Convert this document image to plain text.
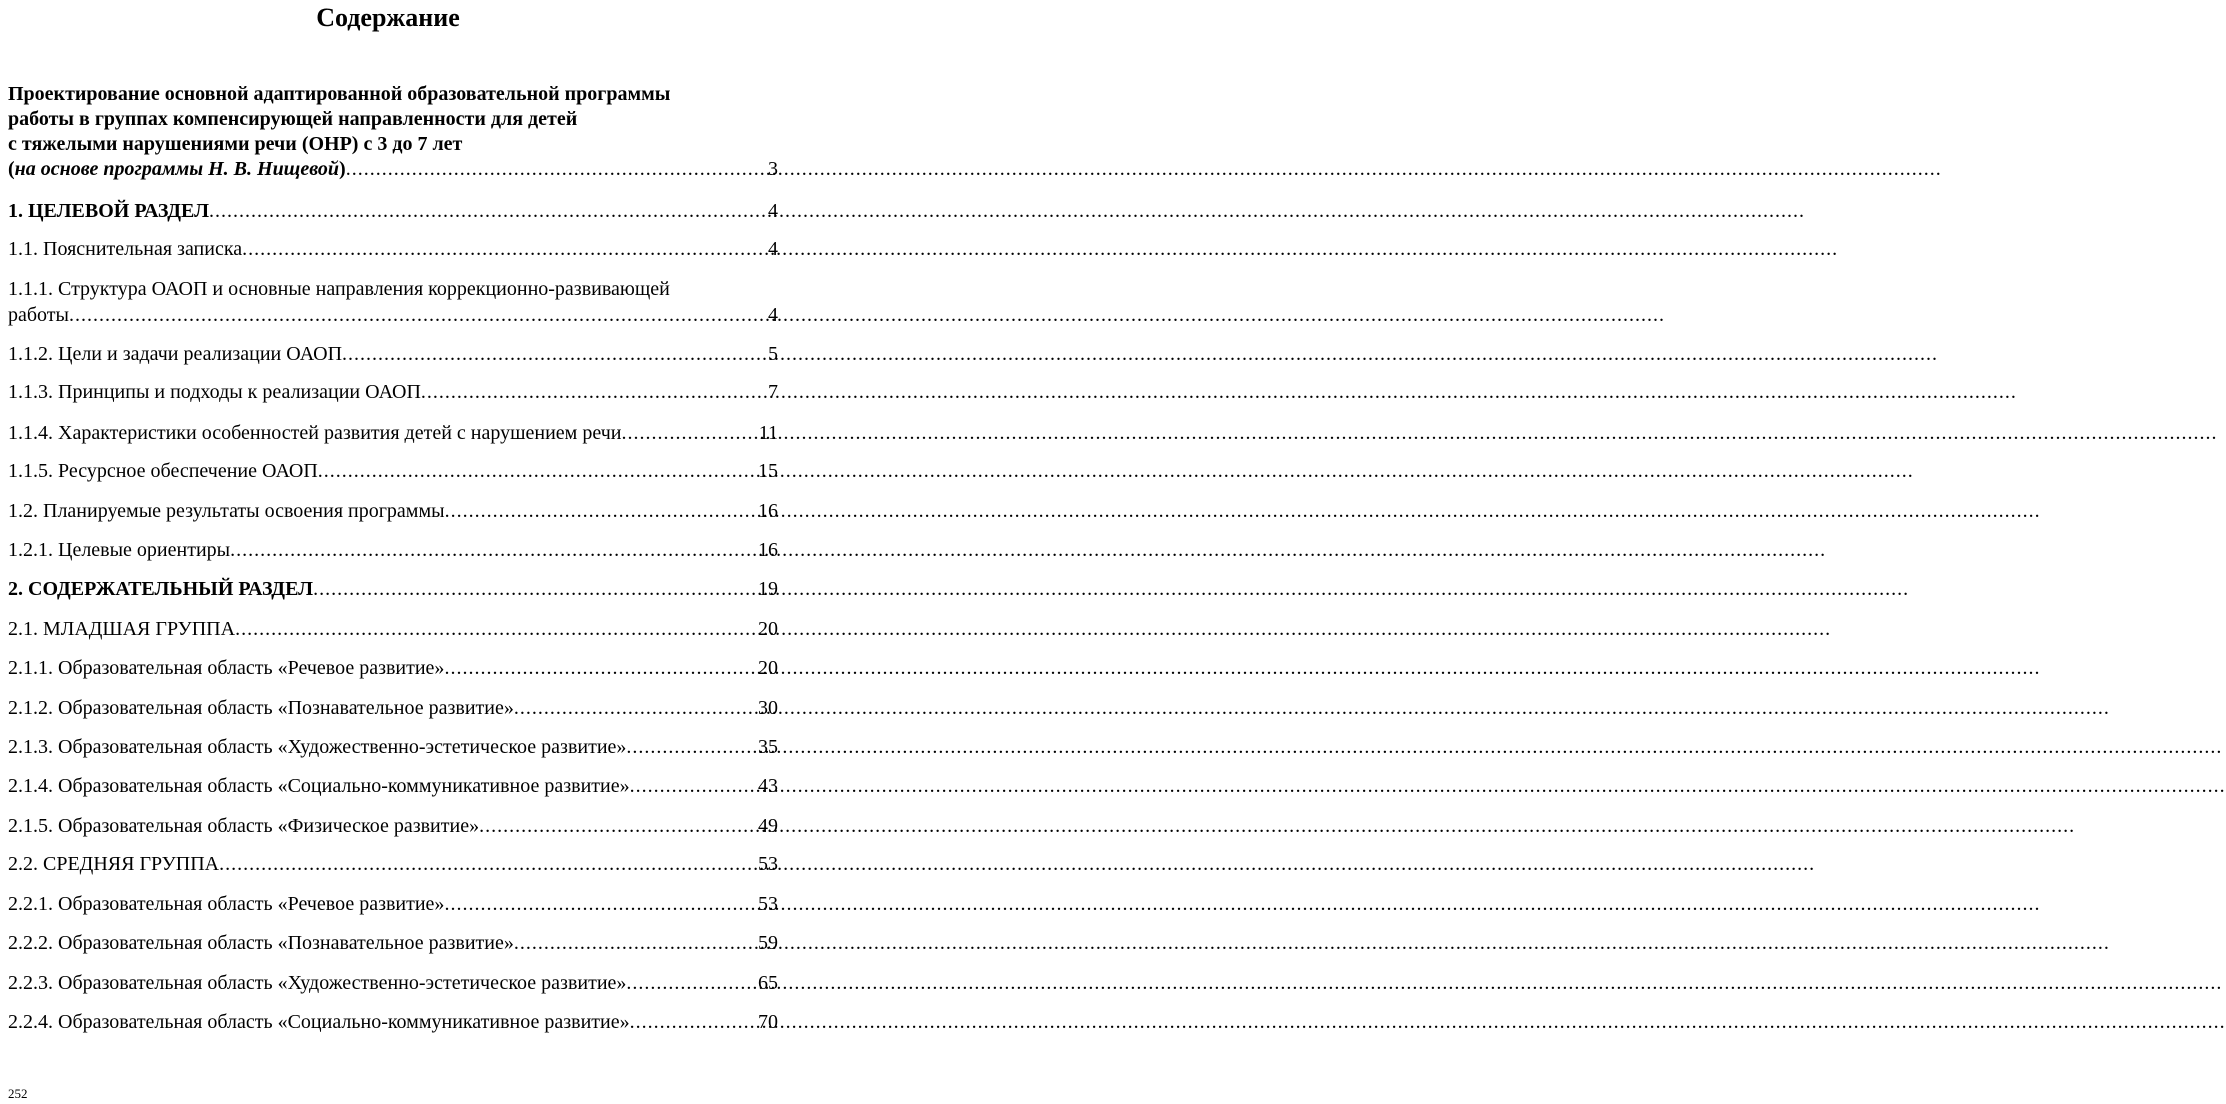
Содержание
Проектирование основной адаптированной образовательной программы
работы в группах компенсирующей направленности для детей
с тяжелыми нарушениями речи (ОНР) с 3 до 7 лет
(на основе программы Н. В. Нищевой) .....	3
1. ЦЕЛЕВОЙ РАЗДЕЛ .....	4
1.1. Пояснительная записка .....	4
1.1.1. Структура ОАОП и основные направления коррекционно-развивающей
работы .....	4
1.1.2. Цели и задачи реализации ОАОП .....	5
1.1.3. Принципы и подходы к реализации ОАОП .....	7
1.1.4. Характеристики особенностей развития детей с нарушением речи .....	11
1.1.5. Ресурсное обеспечение ОАОП .....	15
1.2. Планируемые результаты освоения программы .....	16
1.2.1. Целевые ориентиры .....	16
2. СОДЕРЖАТЕЛЬНЫЙ РАЗДЕЛ .....	19
2.1. МЛАДШАЯ ГРУППА .....	20
2.1.1. Образовательная область «Речевое развитие» .....	20
2.1.2. Образовательная область «Познавательное развитие» .....	30
2.1.3. Образовательная область «Художественно-эстетическое развитие» .....	35
2.1.4. Образовательная область «Социально-коммуникативное развитие» .....	43
2.1.5. Образовательная область «Физическое развитие» .....	49
2.2. СРЕДНЯЯ ГРУППА .....	53
2.2.1. Образовательная область «Речевое развитие» .....	53
2.2.2. Образовательная область «Познавательное развитие» .....	59
2.2.3. Образовательная область «Художественно-эстетическое развитие» .....	65
2.2.4. Образовательная область «Социально-коммуникативное развитие» .....	70
252
